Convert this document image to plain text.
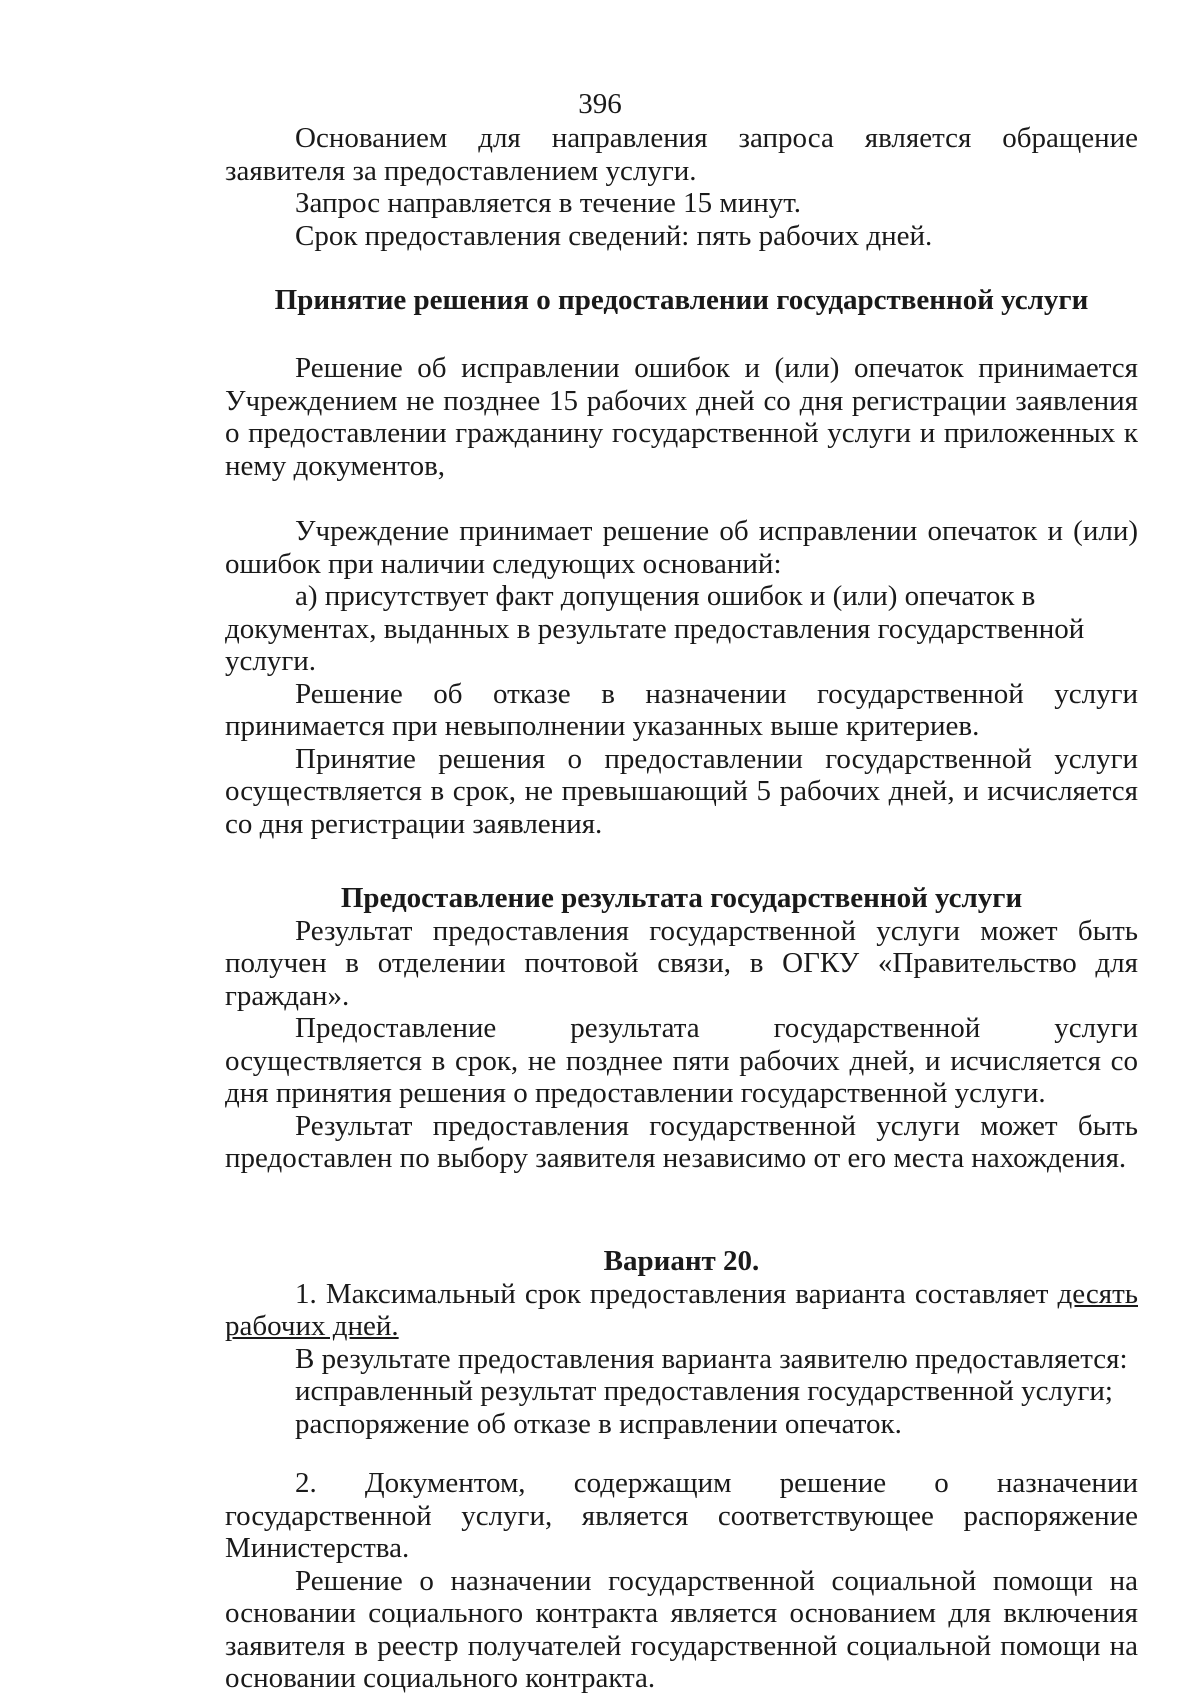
396

Основанием для направления запроса является обращение заявителя за предоставлением услуги.

Запрос направляется в течение 15 минут.

Срок предоставления сведений: пять рабочих дней.

Принятие решения о предоставлении государственной услуги

Решение об исправлении ошибок и (или) опечаток принимается Учреждением не позднее 15 рабочих дней со дня регистрации заявления о предоставлении гражданину государственной услуги и приложенных к нему документов,

Учреждение принимает решение об исправлении опечаток и (или) ошибок при наличии следующих оснований:

а) присутствует факт допущения ошибок и (или) опечаток в документах, выданных в результате предоставления государственной услуги.

Решение об отказе в назначении государственной услуги принимается при невыполнении указанных выше критериев.

Принятие решения о предоставлении государственной услуги осуществляется в срок, не превышающий 5 рабочих дней, и исчисляется со дня регистрации заявления.

Предоставление результата государственной услуги

Результат предоставления государственной услуги может быть получен в отделении почтовой связи, в ОГКУ «Правительство для граждан».

Предоставление результата государственной услуги осуществляется в срок, не позднее пяти рабочих дней, и исчисляется со дня принятия решения о предоставлении государственной услуги.

Результат предоставления государственной услуги может быть предоставлен по выбору заявителя независимо от его места нахождения.

Вариант 20.

1. Максимальный срок предоставления варианта составляет десять рабочих дней.

В результате предоставления варианта заявителю предоставляется:

исправленный результат предоставления государственной услуги;

распоряжение об отказе в исправлении опечаток.

2. Документом, содержащим решение о назначении государственной услуги, является соответствующее распоряжение Министерства.

Решение о назначении государственной социальной помощи на основании социального контракта является основанием для включения заявителя в реестр получателей государственной социальной помощи на основании социального контракта.
